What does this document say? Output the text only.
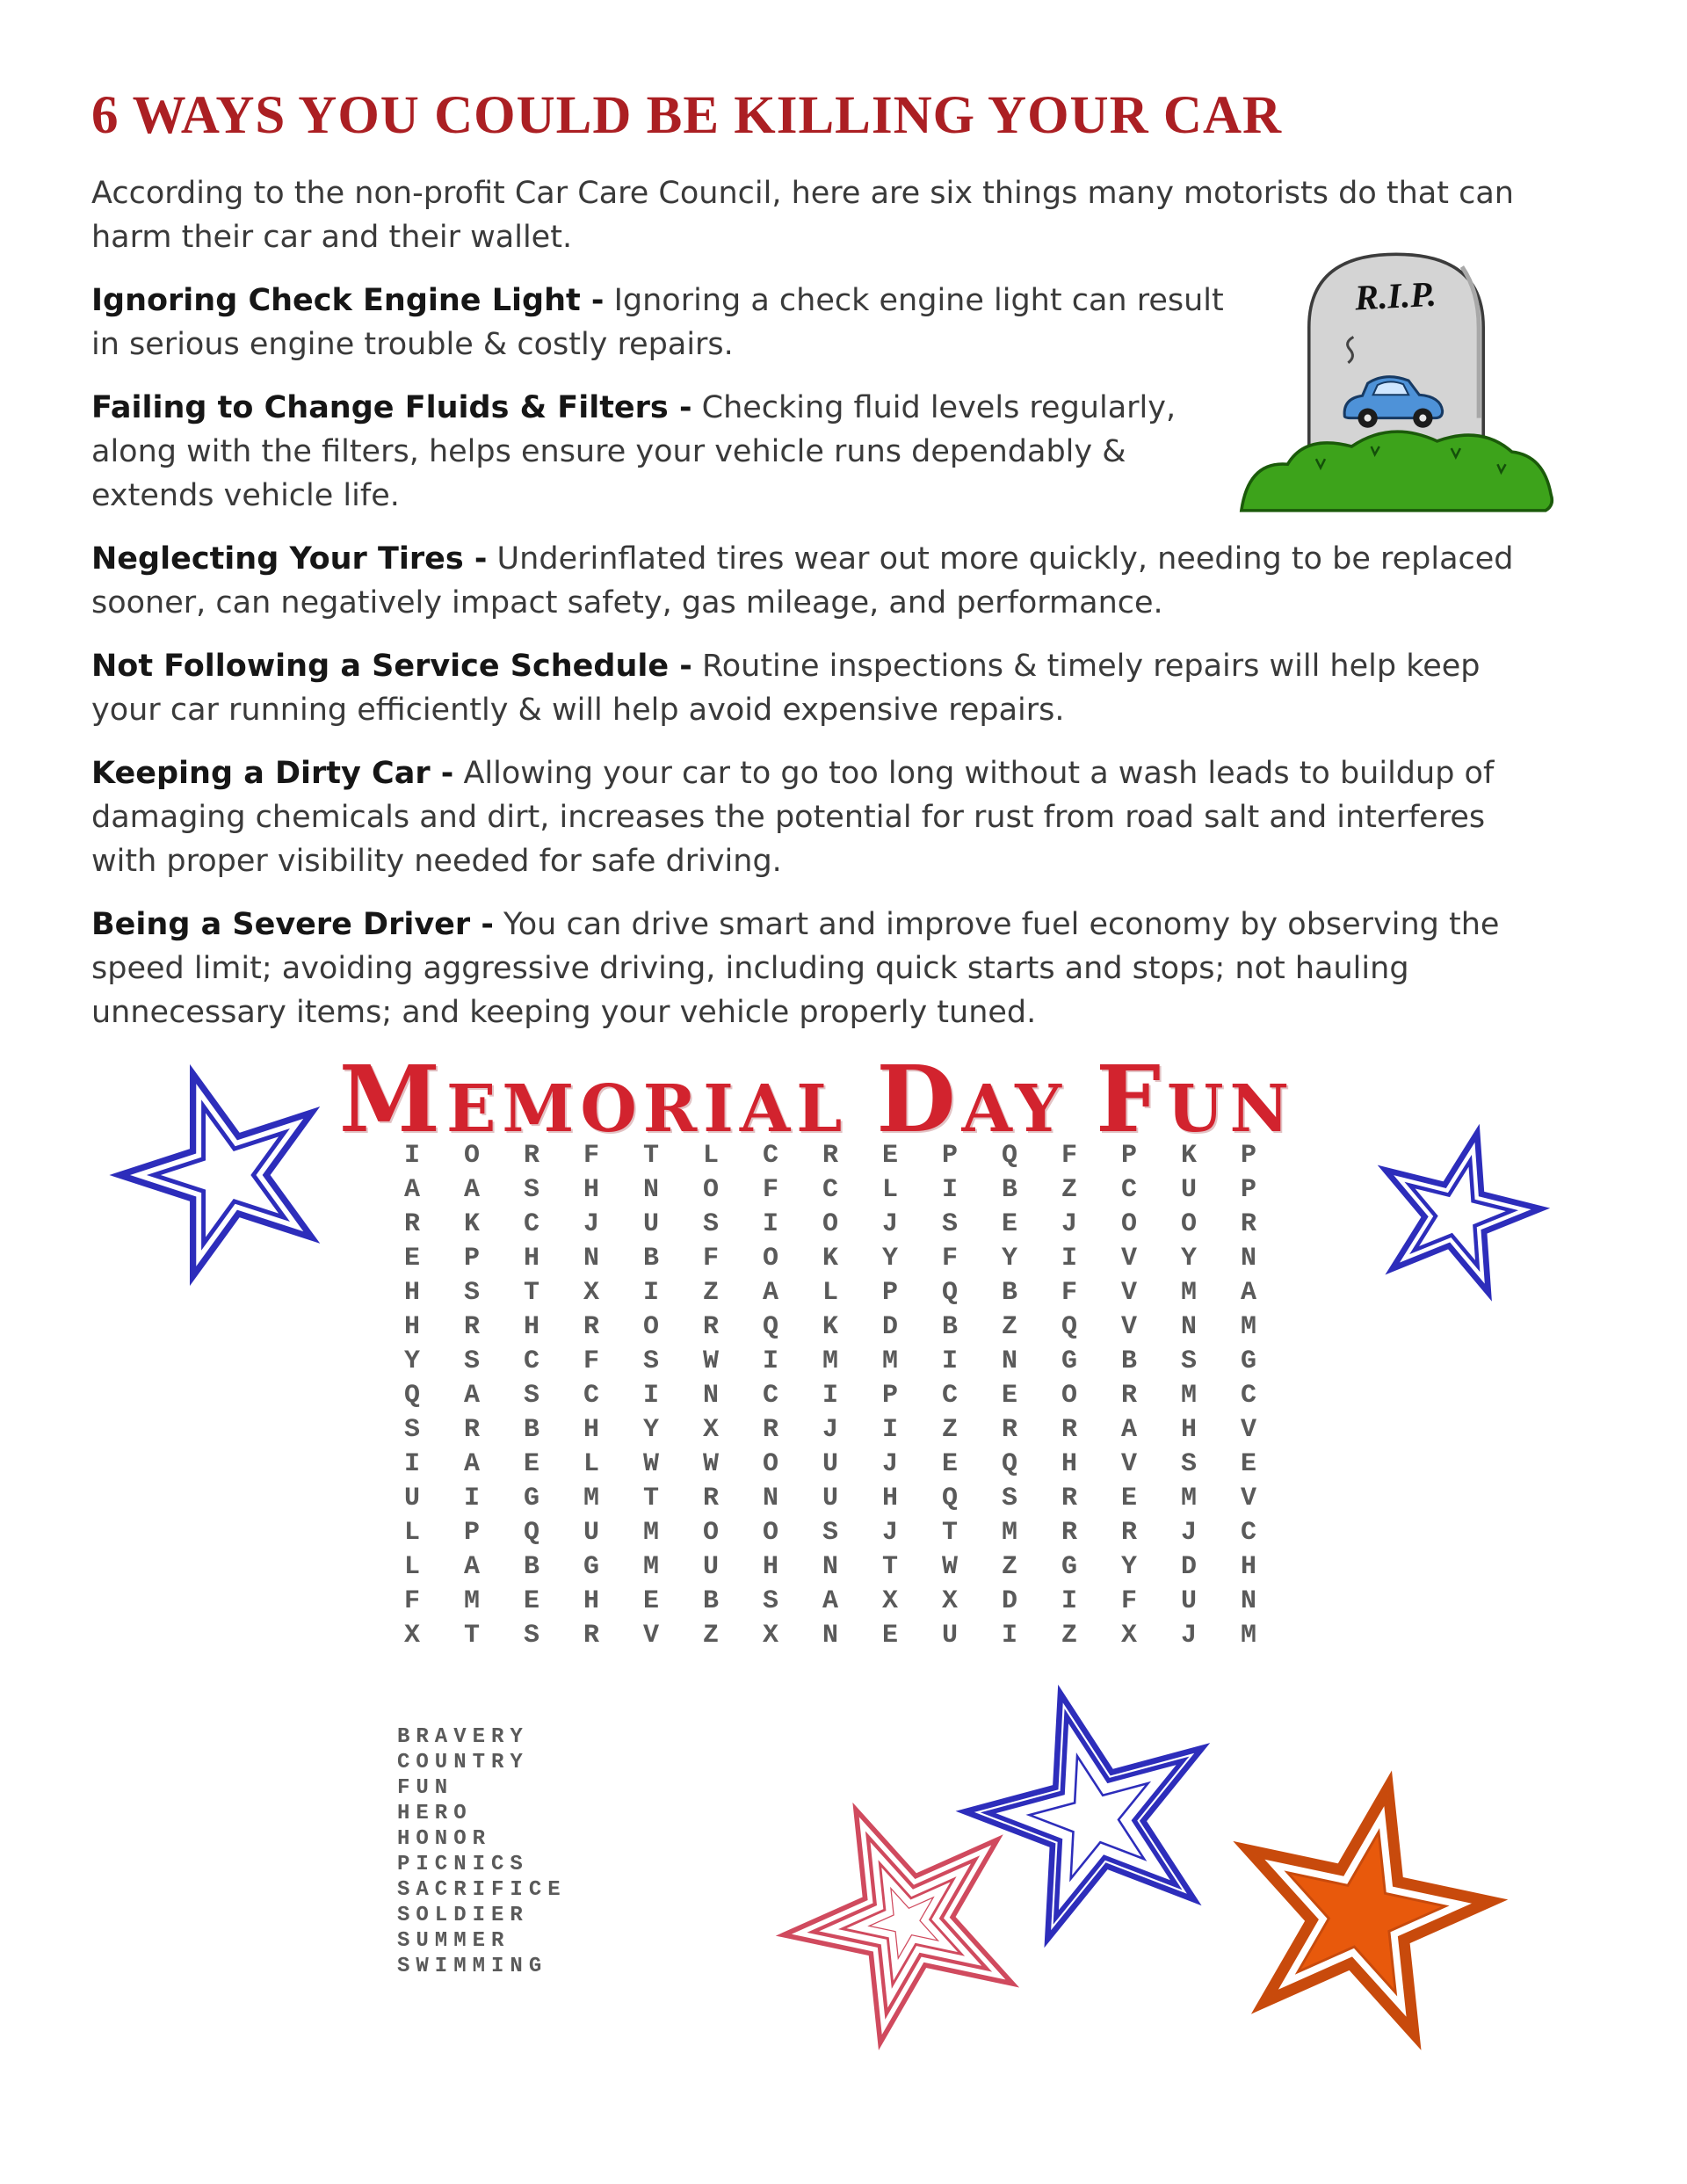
6 WAYS YOU COULD BE KILLING YOUR CAR

According to the non-profit Car Care Council, here are six things many motorists do that can harm their car and their wallet.

Ignoring Check Engine Light - Ignoring a check engine light can result in serious engine trouble & costly repairs.

Failing to Change Fluids & Filters - Checking fluid levels regularly, along with the filters, helps ensure your vehicle runs dependably & extends vehicle life.

Neglecting Your Tires - Underinflated tires wear out more quickly, needing to be replaced sooner, can negatively impact safety, gas mileage, and performance.

Not Following a Service Schedule - Routine inspections & timely repairs will help keep your car running efficiently & will help avoid expensive repairs.

Keeping a Dirty Car - Allowing your car to go too long without a wash leads to buildup of damaging chemicals and dirt, increases the potential for rust from road salt and interferes with proper visibility needed for safe driving.

Being a Severe Driver - You can drive smart and improve fuel economy by observing the speed limit; avoiding aggressive driving, including quick starts and stops; not hauling unnecessary items; and keeping your vehicle properly tuned.

R.I.P.
MEMORIAL DAY FUN
IORFTLCREPQFPKP
AASHNOFCLIBZCUP
RKCJUSIOJSEJOOR
EPHNBFOKYFYIVYN
HSTXIZALPQBFVMA
HRHRORQKDBZQVNM
YSCFSWIMMINGBSG
QASCINCIPCEORMC
SRBHYXRJIZRRAHV
IAELWWOUJEQHVSE
UIGMTRNUHQSREMV
LPQUMOOSJTMRRJC
LABGMUHNTWZGYDH
FMEHEBSAXXDIFUN
XTSRVZXNEUIZXJM
BRAVERY
COUNTRY
FUN
HERO
HONOR
PICNICS
SACRIFICE
SOLDIER
SUMMER
SWIMMING
